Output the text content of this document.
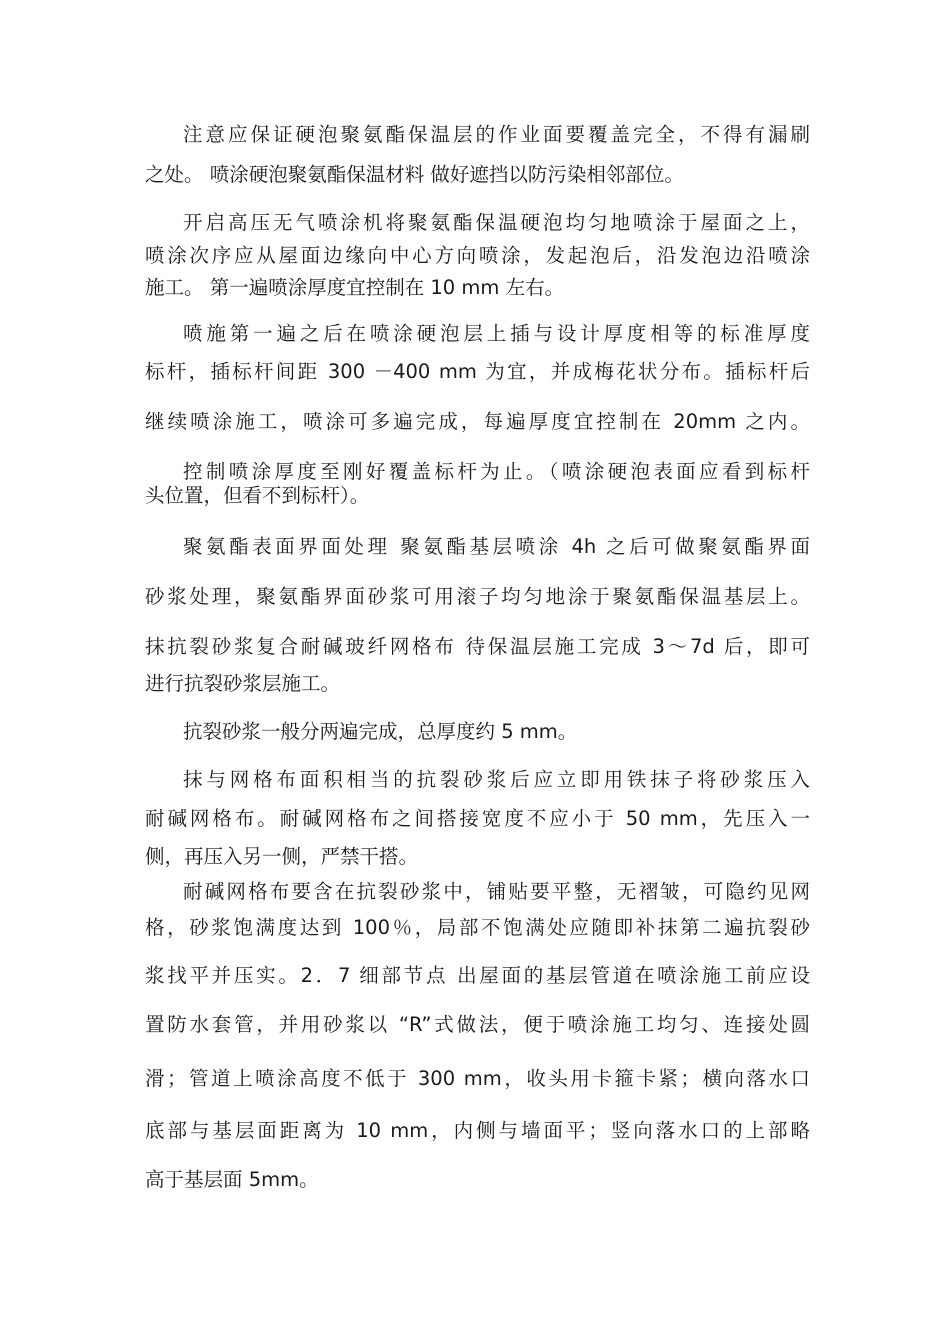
注意应保证硬泡聚氨酯保温层的作业面要覆盖完全，不得有漏刷
之处。 喷涂硬泡聚氨酯保温材料 做好遮挡以防污染相邻部位。
开启高压无气喷涂机将聚氨酯保温硬泡均匀地喷涂于屋面之上，
喷涂次序应从屋面边缘向中心方向喷涂，发起泡后，沿发泡边沿喷涂
施工。 第一遍喷涂厚度宜控制在 10 mm 左右。
喷施第一遍之后在喷涂硬泡层上插与设计厚度相等的标准厚度
标杆，插标杆间距 300 －400 mm 为宜，并成梅花状分布。插标杆后
继续喷涂施工，喷涂可多遍完成，每遍厚度宜控制在 20mm 之内。
控制喷涂厚度至刚好覆盖标杆为止。（喷涂硬泡表面应看到标杆
头位置，但看不到标杆）。
聚氨酯表面界面处理 聚氨酯基层喷涂 4h 之后可做聚氨酯界面
砂浆处理，聚氨酯界面砂浆可用滚子均匀地涂于聚氨酯保温基层上。
抹抗裂砂浆复合耐碱玻纤网格布 待保温层施工完成 3～7d 后，即可
进行抗裂砂浆层施工。
抗裂砂浆一般分两遍完成，总厚度约 5 mm。
抹与网格布面积相当的抗裂砂浆后应立即用铁抹子将砂浆压入
耐碱网格布。耐碱网格布之间搭接宽度不应小于 50 mm，先压入一
侧，再压入另一侧，严禁干搭。
耐碱网格布要含在抗裂砂浆中，铺贴要平整，无褶皱，可隐约见网
格，砂浆饱满度达到 100％，局部不饱满处应随即补抹第二遍抗裂砂
浆找平并压实。2．7 细部节点 出屋面的基层管道在喷涂施工前应设
置防水套管，并用砂浆以 “R”式做法，便于喷涂施工均匀、连接处圆
滑；管道上喷涂高度不低于 300 mm，收头用卡箍卡紧；横向落水口
底部与基层面距离为 10 mm，内侧与墙面平；竖向落水口的上部略
高于基层面 5mm。
